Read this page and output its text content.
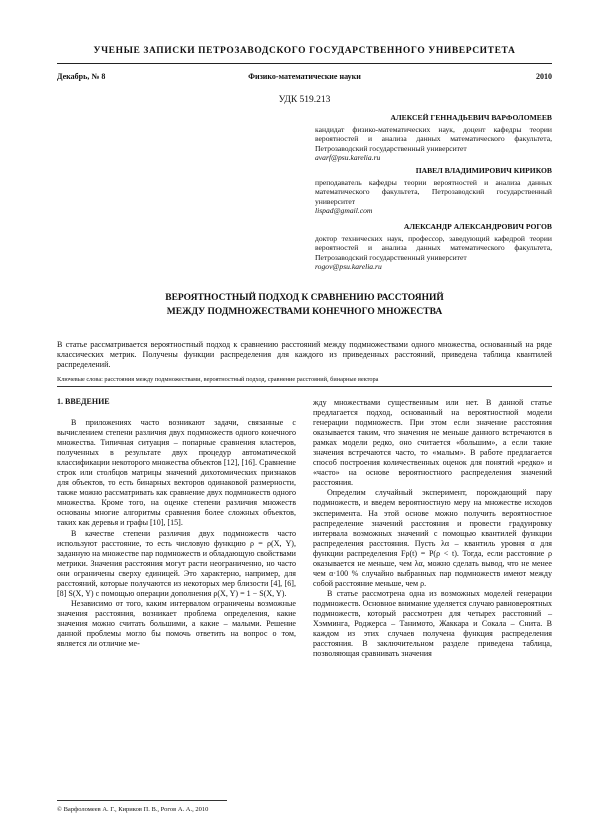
УЧЕНЫЕ ЗАПИСКИ ПЕТРОЗАВОДСКОГО ГОСУДАРСТВЕННОГО УНИВЕРСИТЕТА
Декабрь, № 8	Физико-математические науки	2010
УДК 519.213
АЛЕКСЕЙ ГЕННАДЬЕВИЧ ВАРФОЛОМЕЕВ
кандидат физико-математических наук, доцент кафедры теории вероятностей и анализа данных математического факультета, Петрозаводский государственный университет
avarf@psu.karelia.ru
ПАВЕЛ ВЛАДИМИРОВИЧ КИРИКОВ
преподаватель кафедры теории вероятностей и анализа данных математического факультета, Петрозаводский государственный университет
lispad@gmail.com
АЛЕКСАНДР АЛЕКСАНДРОВИЧ РОГОВ
доктор технических наук, профессор, заведующий кафедрой теории вероятностей и анализа данных математического факультета, Петрозаводский государственный университет
rogov@psu.karelia.ru
ВЕРОЯТНОСТНЫЙ ПОДХОД К СРАВНЕНИЮ РАССТОЯНИЙ
МЕЖДУ ПОДМНОЖЕСТВАМИ КОНЕЧНОГО МНОЖЕСТВА
В статье рассматривается вероятностный подход к сравнению расстояний между подмножествами одного множества, основанный на ряде классических метрик. Получены функции распределения для каждого из приведенных расстояний, приведена таблица квантилей распределений.
Ключевые слова: расстояния между подмножествами, вероятностный подход, сравнение расстояний, бинарные вектора
1. ВВЕДЕНИЕ

В приложениях часто возникают задачи, связанные с вычислением степени различия двух подмножеств одного конечного множества. Типичная ситуация – попарные сравнения кластеров, полученных в результате двух процедур автоматической классификации некоторого множества объектов [12], [16]. Сравнение строк или столбцов матрицы значений дихотомических признаков для объектов, то есть бинарных векторов одинаковой размерности, также можно рассматривать как сравнение двух подмножеств одного множества. Кроме того, на оценке степени различия множеств основаны многие алгоритмы сравнения более сложных объектов, таких как деревья и графы [10], [15].

В качестве степени различия двух подмножеств часто используют расстояние, то есть числовую функцию ρ = ρ(X, Y), заданную на множестве пар подмножеств и обладающую свойствами метрики. Значения расстояния могут расти неограниченно, но часто они ограничены сверху единицей. Это характерно, например, для расстояний, которые получаются из некоторых мер близости [4], [6], [8] S(X, Y) с помощью операции дополнения ρ(X, Y) = 1 − S(X, Y).

Независимо от того, каким интервалом ограничены возможные значения расстояния, возникает проблема определения, какие значения можно считать большими, а какие – малыми. Решение данной проблемы могло бы помочь ответить на вопрос о том, является ли отличие ме-

жду множествами существенным или нет. В данной статье предлагается подход, основанный на вероятностной модели генерации подмножеств. При этом если значение расстояния оказывается таким, что значения не меньше данного встречаются в рамках модели редко, оно считается «большим», а если такие значения встречаются часто, то «малым». В работе предлагается способ построения количественных оценок для понятий «редко» и «часто» на основе вероятностного распределения значений расстояния.

Определим случайный эксперимент, порождающий пару подмножеств, и введем вероятностную меру на множестве исходов эксперимента. На этой основе можно получить вероятностное распределение значений расстояния и провести градуировку интервала возможных значений с помощью квантилей функции распределения расстояния. Пусть λα – квантиль уровня α для функции распределения Fρ(t) = P(ρ < t). Тогда, если расстояние ρ оказывается не меньше, чем λα, можно сделать вывод, что не менее чем α·100 % случайно выбранных пар подмножеств имеют между собой расстояние меньше, чем ρ.

В статье рассмотрена одна из возможных моделей генерации подмножеств. Основное внимание уделяется случаю равновероятных подмножеств, который рассмотрен для четырех расстояний – Хэмминга, Роджерса – Танимото, Жаккара и Сокала – Снита. В каждом из этих случаев получена функция распределения расстояния. В заключительном разделе приведена таблица, позволяющая сравнивать значения

© Варфоломеев А. Г., Кириков П. В., Рогов А. А., 2010
